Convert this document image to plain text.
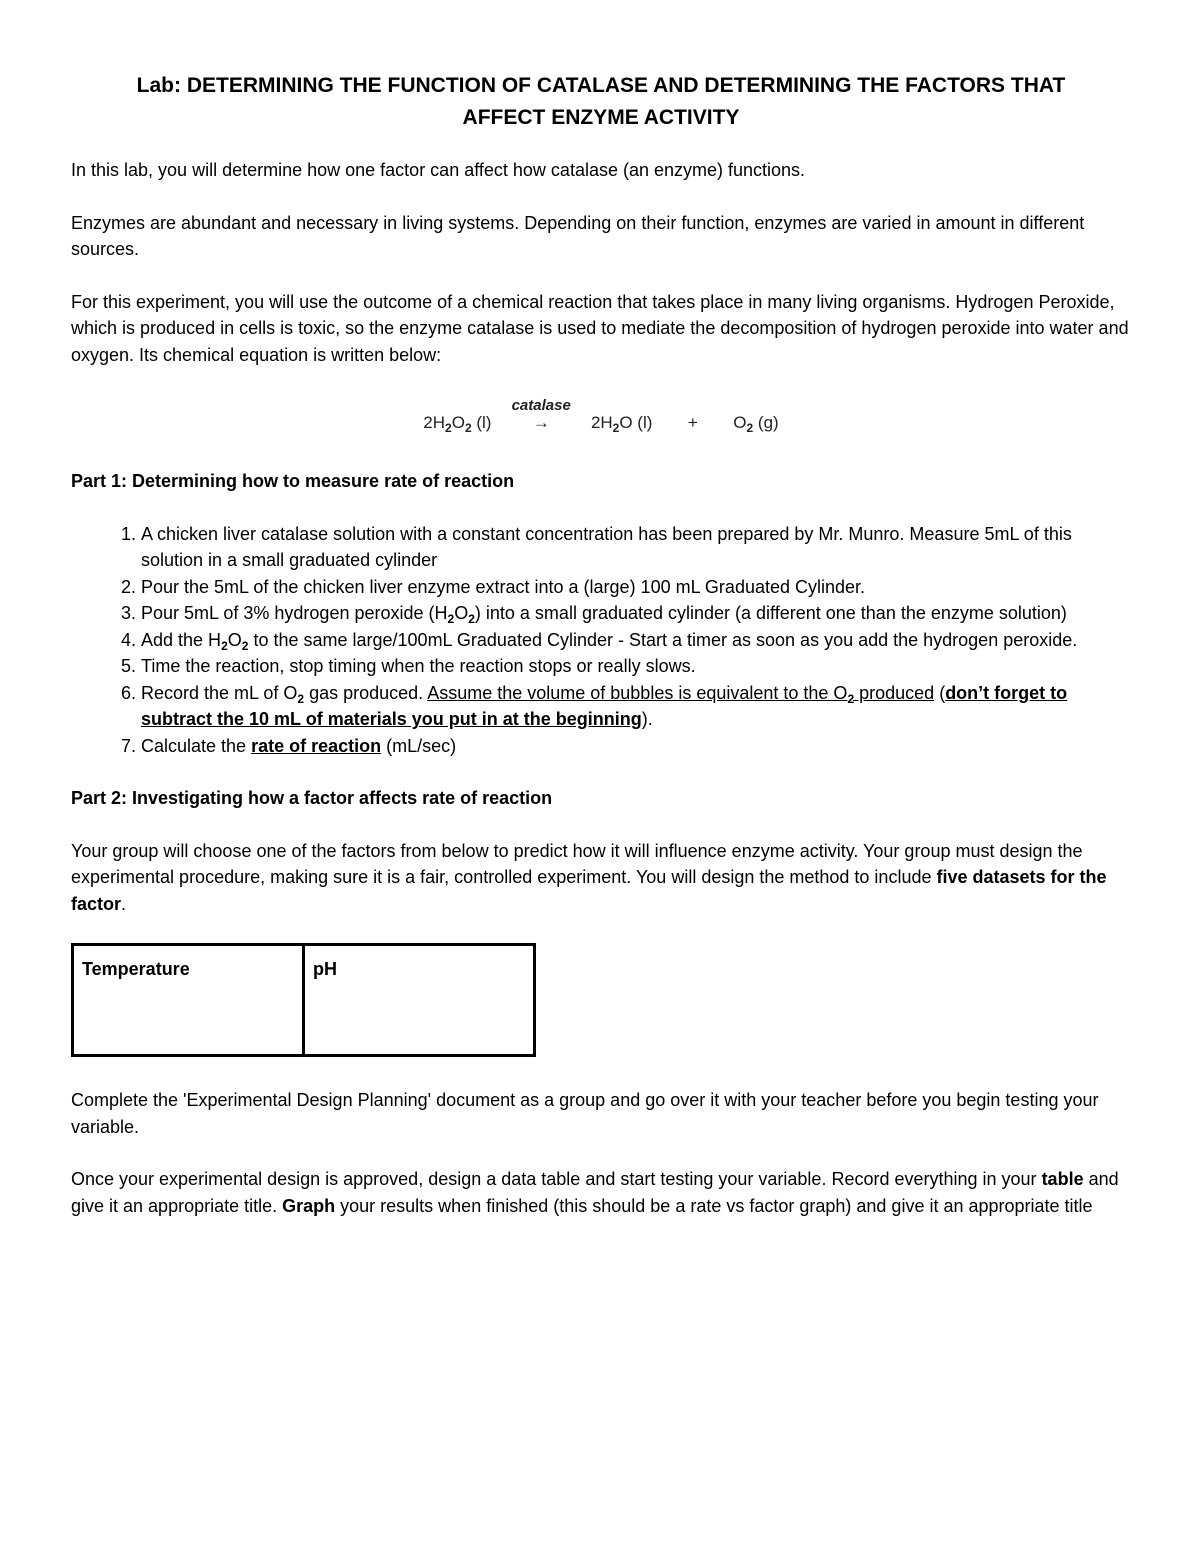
Lab: DETERMINING THE FUNCTION OF CATALASE AND DETERMINING THE FACTORS THAT
AFFECT ENZYME ACTIVITY

In this lab, you will determine how one factor can affect how catalase (an enzyme) functions.

Enzymes are abundant and necessary in living systems. Depending on their function, enzymes are varied in amount in different sources.

For this experiment, you will use the outcome of a chemical reaction that takes place in many living organisms. Hydrogen Peroxide, which is produced in cells is toxic, so the enzyme catalase is used to mediate the decomposition of hydrogen peroxide into water and oxygen. Its chemical equation is written below:

$2H_2O_2$ (l)
catalase
→ $2H_2O$ $(l) + O_2$ (g)
Part 1: Determining how to measure rate of reaction
1. A chicken liver catalase solution with a constant concentration has been prepared by Mr. Munro. Measure 5mL of this solution in a small graduated cylinder
2. Pour the 5mL of the chicken liver enzyme extract into a (large) 100 mL Graduated Cylinder.
3. Pour 5mL of 3% hydrogen peroxide $(H_2O_2)$ into a small graduated cylinder (a different one than the enzyme solution)
4. Add the $H_2O_2$ to the same large/100mL Graduated Cylinder - Start a timer as soon as you add the hydrogen peroxide.
5. Time the reaction, stop timing when the reaction stops or really slows.
6. Record the mL of $O_2$ gas produced. Assume the volume of bubbles is equivalent to the $O_2$ produced (don’t forget to subtract the 10 mL of materials you put in at the beginning).
7. Calculate the rate of reaction (mL/sec)
Part 2: Investigating how a factor affects rate of reaction

Your group will choose one of the factors from below to predict how it will influence enzyme activity. Your group must design the experimental procedure, making sure it is a fair, controlled experiment. You will design the method to include five datasets for the factor.

Temperature	pH

Complete the 'Experimental Design Planning' document as a group and go over it with your teacher before you begin testing your variable.

Once your experimental design is approved, design a data table and start testing your variable. Record everything in your table and give it an appropriate title. Graph your results when finished (this should be a rate vs factor graph) and give it an appropriate title
